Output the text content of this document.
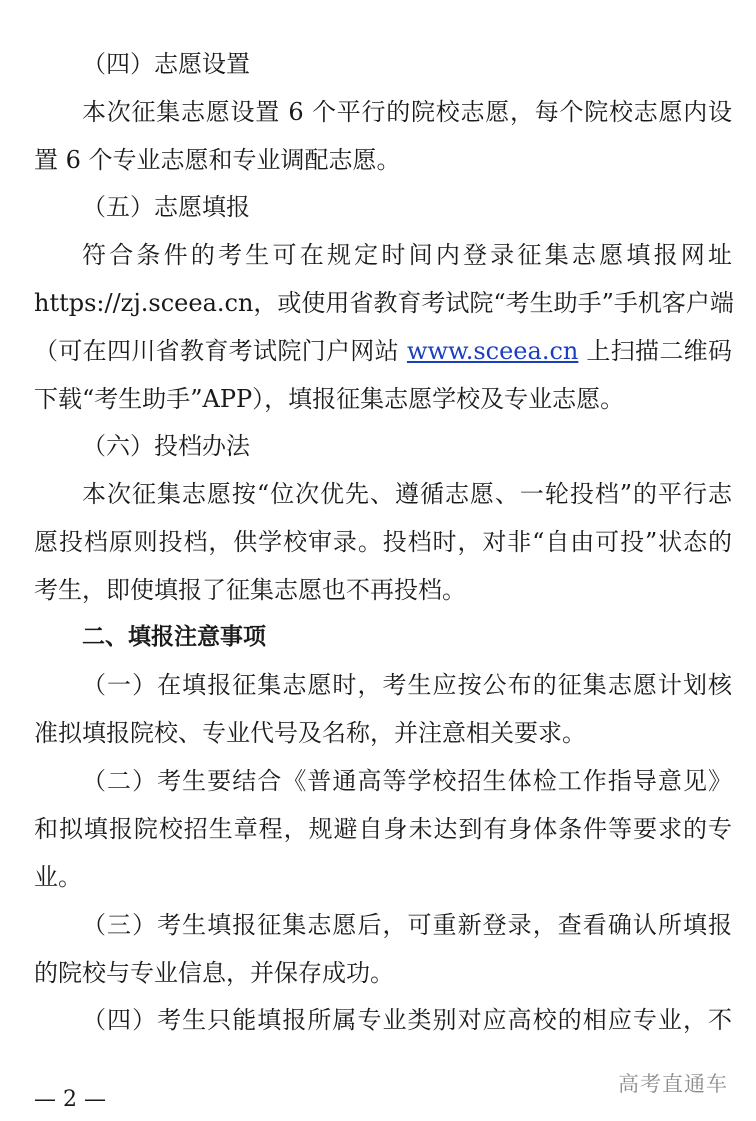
（四）志愿设置
本次征集志愿设置 6 个平行的院校志愿，每个院校志愿内设
置 6 个专业志愿和专业调配志愿。
（五）志愿填报
符合条件的考生可在规定时间内登录征集志愿填报网址
https://zj.sceea.cn，或使用省教育考试院“考生助手”手机客户端
（可在四川省教育考试院门户网站 www.sceea.cn 上扫描二维码
下载“考生助手”APP），填报征集志愿学校及专业志愿。
（六）投档办法
本次征集志愿按“位次优先、遵循志愿、一轮投档”的平行志
愿投档原则投档，供学校审录。投档时，对非“自由可投”状态的
考生，即使填报了征集志愿也不再投档。
二、填报注意事项
（一）在填报征集志愿时，考生应按公布的征集志愿计划核
准拟填报院校、专业代号及名称，并注意相关要求。
（二）考生要结合《普通高等学校招生体检工作指导意见》
和拟填报院校招生章程，规避自身未达到有身体条件等要求的专
业。
（三）考生填报征集志愿后，可重新登录，查看确认所填报
的院校与专业信息，并保存成功。
（四）考生只能填报所属专业类别对应高校的相应专业，不
— 2 —
高考直通车
